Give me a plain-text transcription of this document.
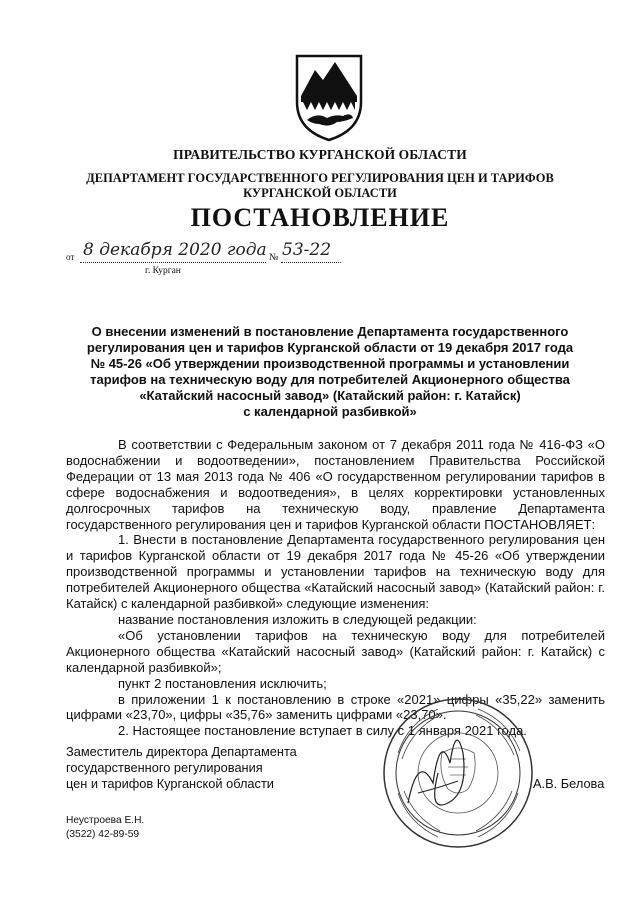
ПРАВИТЕЛЬСТВО КУРГАНСКОЙ ОБЛАСТИ
ДЕПАРТАМЕНТ ГОСУДАРСТВЕННОГО РЕГУЛИРОВАНИЯ ЦЕН И ТАРИФОВ
КУРГАНСКОЙ ОБЛАСТИ
ПОСТАНОВЛЕНИЕ
от 8 декабря 2020 года № 53-22
г. Курган
О внесении изменений в постановление Департамента государственного
регулирования цен и тарифов Курганской области от 19 декабря 2017 года
№ 45-26 «Об утверждении производственной программы и установлении
тарифов на техническую воду для потребителей Акционерного общества
«Катайский насосный завод» (Катайский район: г. Катайск)
с календарной разбивкой»

В соответствии с Федеральным законом от 7 декабря 2011 года № 416-ФЗ «О водоснабжении и водоотведении», постановлением Правительства Российской Федерации от 13 мая 2013 года № 406 «О государственном регулировании тарифов в сфере водоснабжения и водоотведения», в целях корректировки установленных долгосрочных тарифов на техническую воду, правление Департамента государственного регулирования цен и тарифов Курганской области ПОСТАНОВЛЯЕТ:

1. Внести в постановление Департамента государственного регулирования цен и тарифов Курганской области от 19 декабря 2017 года № 45-26 «Об утверждении производственной программы и установлении тарифов на техническую воду для потребителей Акционерного общества «Катайский насосный завод» (Катайский район: г. Катайск) с календарной разбивкой» следующие изменения:

название постановления изложить в следующей редакции:

«Об установлении тарифов на техническую воду для потребителей Акционерного общества «Катайский насосный завод» (Катайский район: г. Катайск) с календарной разбивкой»;

пункт 2 постановления исключить;

в приложении 1 к постановлению в строке «2021» цифры «35,22» заменить цифрами «23,70», цифры «35,76» заменить цифрами «23,70».

2. Настоящее постановление вступает в силу с 1 января 2021 года.

Заместитель директора Департамента
государственного регулирования
цен и тарифов Курганской области	А.В. Белова
Неустроева Е.Н.
(3522) 42-89-59
